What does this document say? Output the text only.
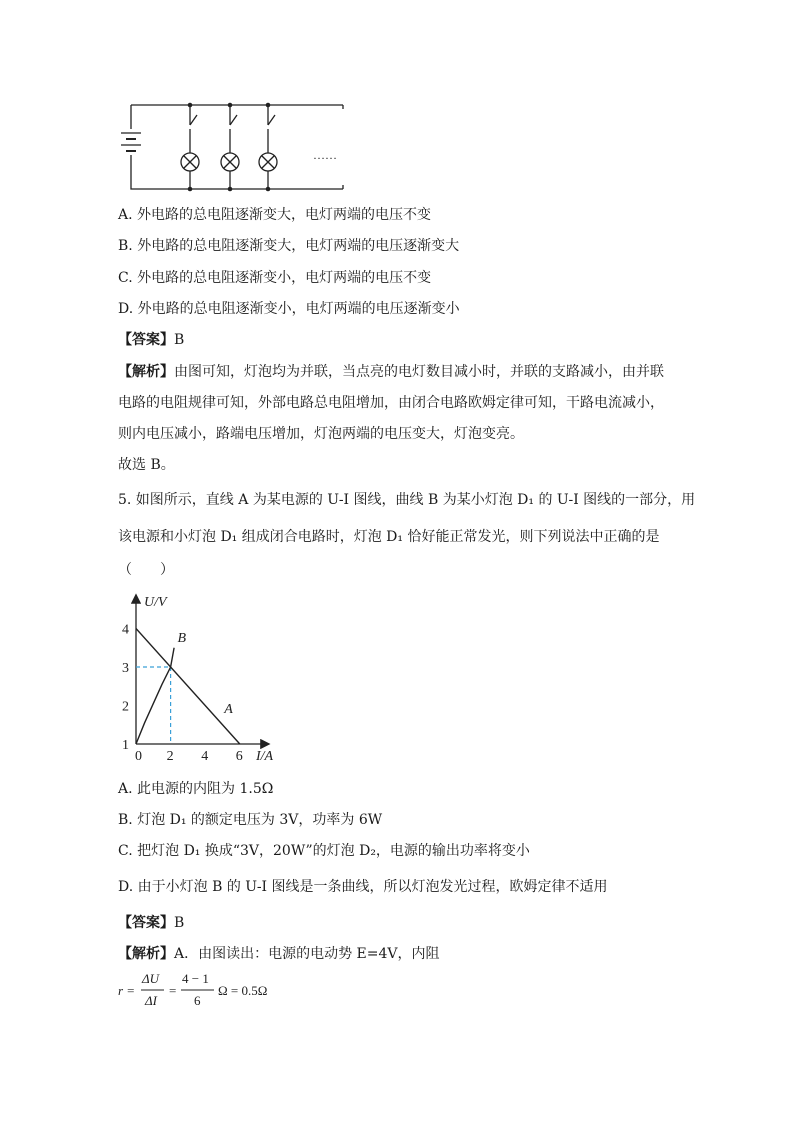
……
A. 外电路的总电阻逐渐变大，电灯两端的电压不变
B. 外电路的总电阻逐渐变大，电灯两端的电压逐渐变大
C. 外电路的总电阻逐渐变小，电灯两端的电压不变
D. 外电路的总电阻逐渐变小，电灯两端的电压逐渐变小
【答案】B
【解析】由图可知，灯泡均为并联，当点亮的电灯数目减小时，并联的支路减小，由并联
电路的电阻规律可知，外部电路总电阻增加，由闭合电路欧姆定律可知，干路电流减小，
则内电压减小，路端电压增加，灯泡两端的电压变大，灯泡变亮。
故选 B。
5. 如图所示，直线 A 为某电源的 U-I 图线，曲线 B 为某小灯泡 D₁ 的 U-I 图线的一部分，用
该电源和小灯泡 D₁ 组成闭合电路时，灯泡 D₁ 恰好能正常发光，则下列说法中正确的是
（　　）
U/V
I/A
1
2
3
4
0 2 4 6
A
B
A. 此电源的内阻为 1.5Ω
B. 灯泡 D₁ 的额定电压为 3V，功率为 6W
C. 把灯泡 D₁ 换成“3V，20W”的灯泡 D₂，电源的输出功率将变小
D. 由于小灯泡 B 的 U-I 图线是一条曲线，所以灯泡发光过程，欧姆定律不适用
【答案】B
【解析】A．由图读出：电源的电动势 E=4V，内阻
r =
ΔU
ΔI
=
4 − 1
6
Ω = 0.5Ω
